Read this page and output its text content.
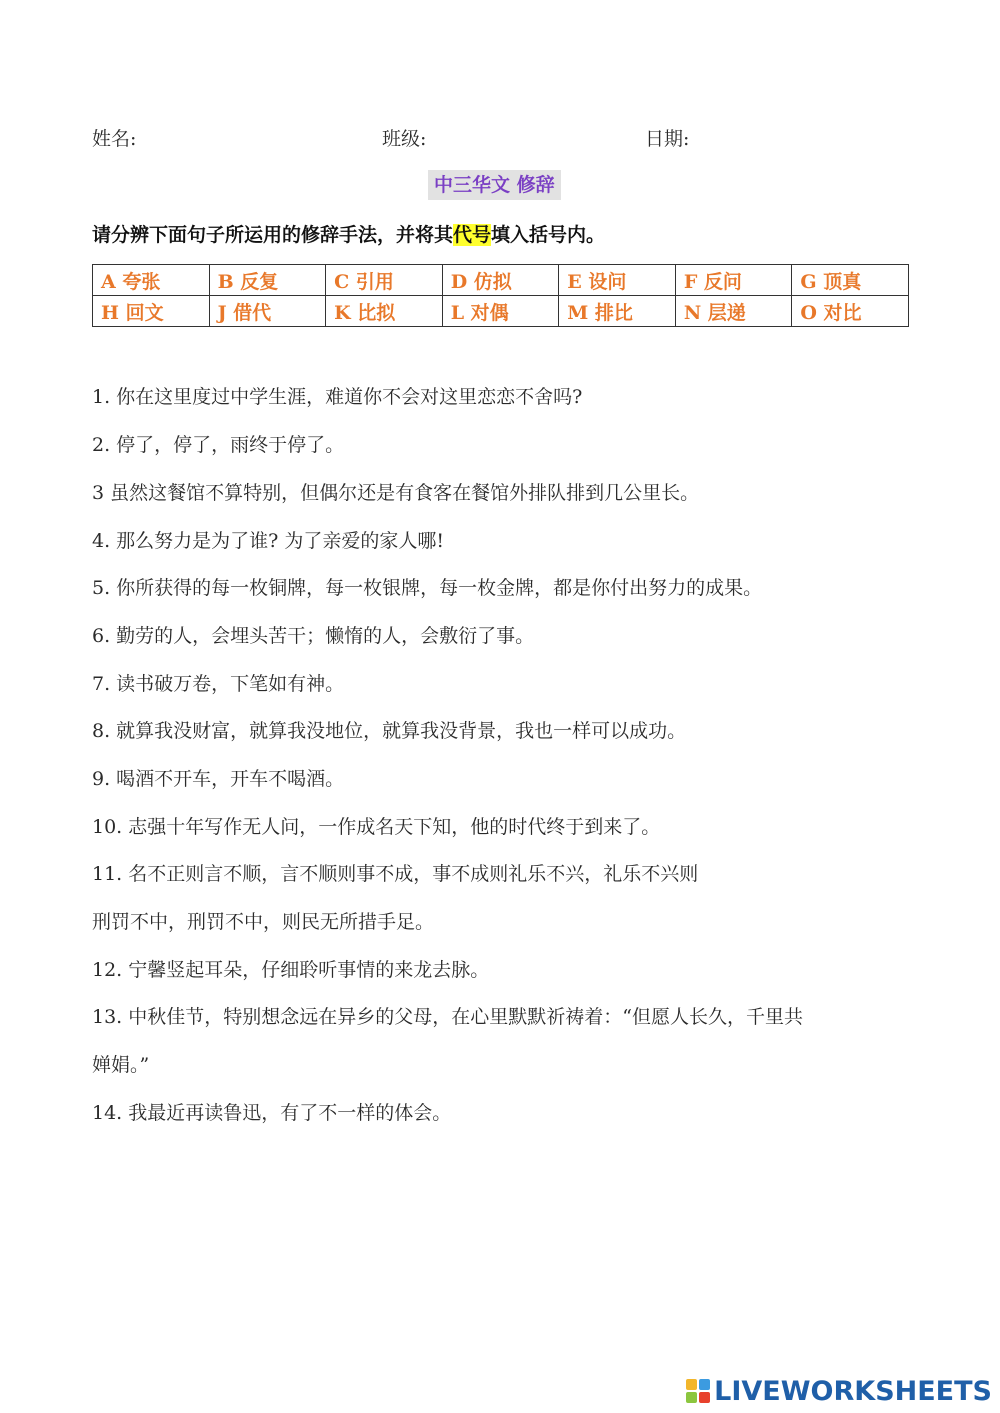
姓名:	班级:	日期:
中三华文 修辞
请分辨下面句子所运用的修辞手法，并将其代号填入括号内。
A 夸张	B 反复	C 引用	D 仿拟	E 设问	F 反问	G 顶真
H 回文	J 借代	K 比拟	L 对偶	M 排比	N 层递	O 对比
1. 你在这里度过中学生涯，难道你不会对这里恋恋不舍吗?
2. 停了，停了，雨终于停了。
3 虽然这餐馆不算特别，但偶尔还是有食客在餐馆外排队排到几公里长。
4. 那么努力是为了谁? 为了亲爱的家人哪!
5. 你所获得的每一枚铜牌，每一枚银牌，每一枚金牌，都是你付出努力的成果。
6. 勤劳的人，会埋头苦干；懒惰的人，会敷衍了事。
7. 读书破万卷，下笔如有神。
8. 就算我没财富，就算我没地位，就算我没背景，我也一样可以成功。
9. 喝酒不开车，开车不喝酒。
10. 志强十年写作无人问，一作成名天下知，他的时代终于到来了。
11. 名不正则言不顺，言不顺则事不成，事不成则礼乐不兴，礼乐不兴则
刑罚不中，刑罚不中，则民无所措手足。
12. 宁馨竖起耳朵，仔细聆听事情的来龙去脉。
13. 中秋佳节，特别想念远在异乡的父母，在心里默默祈祷着：“但愿人长久，千里共
婵娟。”
14. 我最近再读鲁迅，有了不一样的体会。
LIVEWORKSHEETS
